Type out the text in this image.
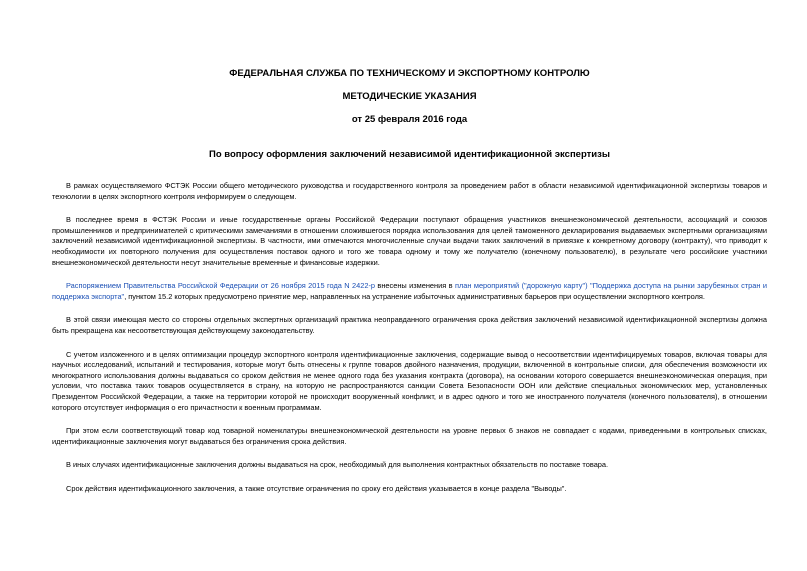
ФЕДЕРАЛЬНАЯ СЛУЖБА ПО ТЕХНИЧЕСКОМУ И ЭКСПОРТНОМУ КОНТРОЛЮ

МЕТОДИЧЕСКИЕ УКАЗАНИЯ

от 25 февраля 2016 года

По вопросу оформления заключений независимой идентификационной экспертизы

В рамках осуществляемого ФСТЭК России общего методического руководства и государственного контроля за проведением работ в области независимой идентификационной экспертизы товаров и технологии в целях экспортного контроля информируем о следующем.

В последнее время в ФСТЭК России и иные государственные органы Российской Федерации поступают обращения участников внешнеэкономической деятельности, ассоциаций и союзов промышленников и предпринимателей с критическими замечаниями в отношении сложившегося порядка использования для целей таможенного декларирования выдаваемых экспертными организациями заключений независимой идентификационной экспертизы. В частности, ими отмечаются многочисленные случаи выдачи таких заключений в привязке к конкретному договору (контракту), что приводит к необходимости их повторного получения для осуществления поставок одного и того же товара одному и тому же получателю (конечному пользователю), в результате чего российские участники внешнеэкономической деятельности несут значительные временные и финансовые издержки.

Распоряжением Правительства Российской Федерации от 26 ноября 2015 года N 2422-р внесены изменения в план мероприятий ("дорожную карту") "Поддержка доступа на рынки зарубежных стран и поддержка экспорта", пунктом 15.2 которых предусмотрено принятие мер, направленных на устранение избыточных административных барьеров при осуществлении экспортного контроля.

В этой связи имеющая место со стороны отдельных экспертных организаций практика неоправданного ограничения срока действия заключений независимой идентификационной экспертизы должна быть прекращена как несоответствующая действующему законодательству.

С учетом изложенного и в целях оптимизации процедур экспортного контроля идентификационные заключения, содержащие вывод о несоответствии идентифицируемых товаров, включая товары для научных исследований, испытаний и тестирования, которые могут быть отнесены к группе товаров двойного назначения, продукции, включенной в контрольные списки, для обеспечения возможности их многократного использования должны выдаваться со сроком действия не менее одного года без указания контракта (договора), на основании которого совершается внешнеэкономическая операция, при условии, что поставка таких товаров осуществляется в страну, на которую не распространяются санкции Совета Безопасности ООН или действие специальных экономических мер, установленных Президентом Российской Федерации, а также на территории которой не происходит вооруженный конфликт, и в адрес одного и того же иностранного получателя (конечного пользователя), в отношении которого отсутствует информация о его причастности к военным программам.

При этом если соответствующий товар код товарной номенклатуры внешнеэкономической деятельности на уровне первых 6 знаков не совпадает с кодами, приведенными в контрольных списках, идентификационные заключения могут выдаваться без ограничения срока действия.

В иных случаях идентификационные заключения должны выдаваться на срок, необходимый для выполнения контрактных обязательств по поставке товара.

Срок действия идентификационного заключения, а также отсутствие ограничения по сроку его действия указывается в конце раздела "Выводы".
